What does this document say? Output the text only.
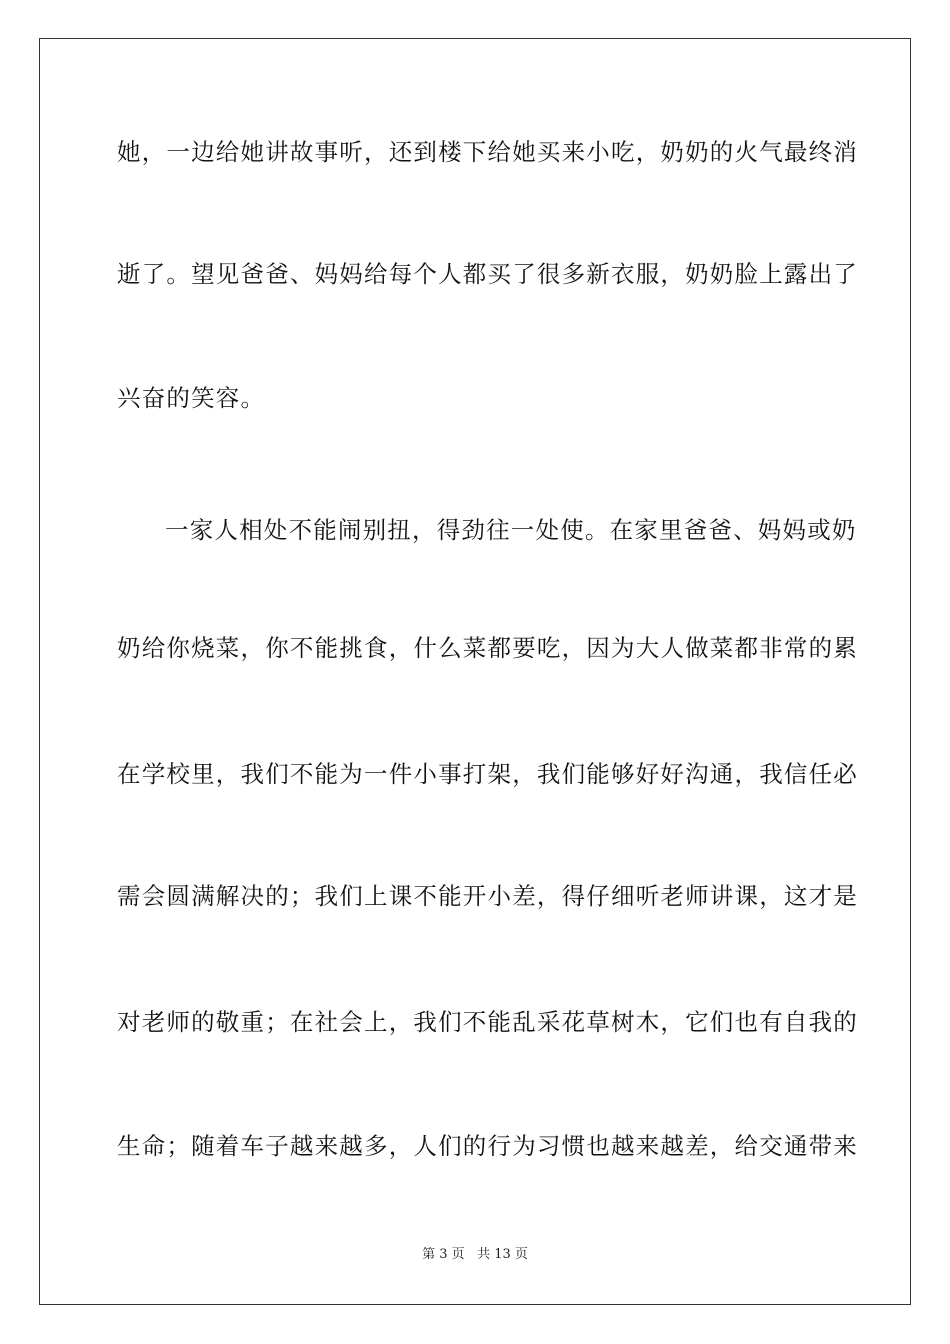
她，一边给她讲故事听，还到楼下给她买来小吃，奶奶的火气最终消
逝了。望见爸爸、妈妈给每个人都买了很多新衣服，奶奶脸上露出了
兴奋的笑容。
一家人相处不能闹别扭，得劲往一处使。在家里爸爸、妈妈或奶
奶给你烧菜，你不能挑食，什么菜都要吃，因为大人做菜都非常的累
在学校里，我们不能为一件小事打架，我们能够好好沟通，我信任必
需会圆满解决的；我们上课不能开小差，得仔细听老师讲课，这才是
对老师的敬重；在社会上，我们不能乱采花草树木，它们也有自我的
生命；随着车子越来越多，人们的行为习惯也越来越差，给交通带来
第 3 页 共 13 页
